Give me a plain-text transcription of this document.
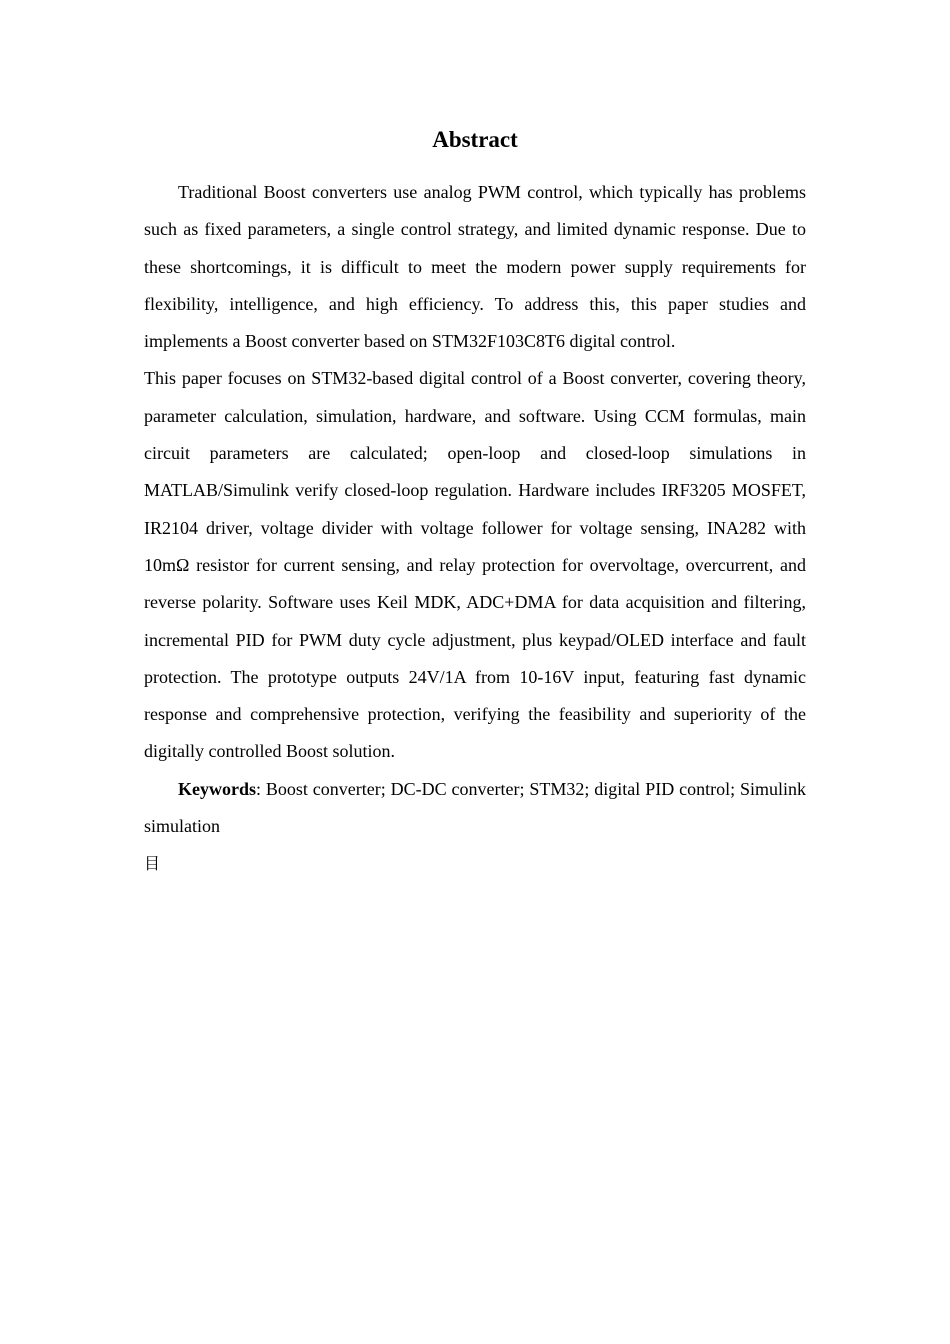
Abstract

Traditional Boost converters use analog PWM control, which typically has problems such as fixed parameters, a single control strategy, and limited dynamic response. Due to these shortcomings, it is difficult to meet the modern power supply requirements for flexibility, intelligence, and high efficiency. To address this, this paper studies and implements a Boost converter based on STM32F103C8T6 digital control.

This paper focuses on STM32-based digital control of a Boost converter, covering theory, parameter calculation, simulation, hardware, and software. Using CCM formulas, main circuit parameters are calculated; open-loop and closed-loop simulations in MATLAB/Simulink verify closed-loop regulation. Hardware includes IRF3205 MOSFET, IR2104 driver, voltage divider with voltage follower for voltage sensing, INA282 with 10mΩ resistor for current sensing, and relay protection for overvoltage, overcurrent, and reverse polarity. Software uses Keil MDK, ADC+DMA for data acquisition and filtering, incremental PID for PWM duty cycle adjustment, plus keypad/OLED interface and fault protection. The prototype outputs 24V/1A from 10-16V input, featuring fast dynamic response and comprehensive protection, verifying the feasibility and superiority of the digitally controlled Boost solution.

Keywords: Boost converter; DC-DC converter; STM32; digital PID control; Simulink simulation

目
